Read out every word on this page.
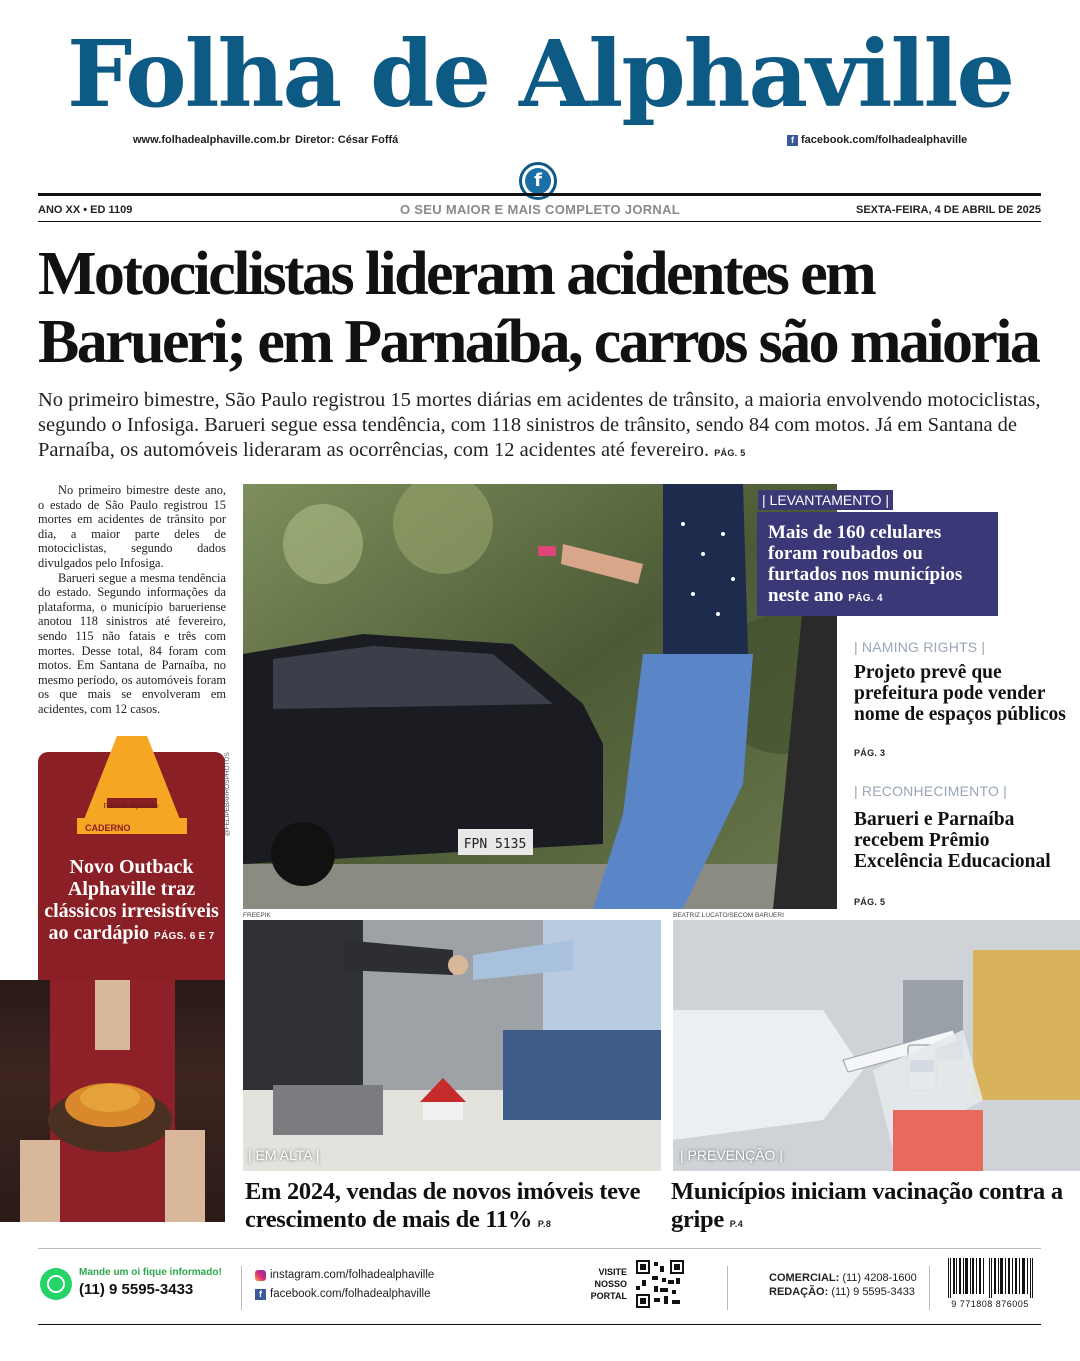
Folha de Alphaville
www.folhadealphaville.com.br Diretor: César Foffá	f facebook.com/folhadealphaville
f
ANO XX • ED 1109	O SEU MAIOR E MAIS COMPLETO JORNAL	SEXTA-FEIRA, 4 DE ABRIL DE 2025
Motociclistas lideram acidentes em Barueri; em Parnaíba, carros são maioria
No primeiro bimestre, São Paulo registrou 15 mortes diárias em acidentes de trânsito, a maioria envolvendo motociclistas, segundo o Infosiga. Barueri segue essa tendência, com 118 sinistros de trânsito, sendo 84 com motos. Já em Santana de Parnaíba, os automóveis lideraram as ocorrências, com 12 acidentes até fevereiro. PÁG. 5

No primeiro bimestre deste ano, o estado de São Paulo registrou 15 mortes em acidentes de trânsito por dia, a maior parte deles de motociclistas, segundo dados divulgados pelo Infosiga.

Barueri segue a mesma tendência do estado. Segundo informações da plataforma, o município barueriense anotou 118 sinistros até fevereiro, sendo 115 não fatais e três com mortes. Desse total, 84 foram com motos. Em Santana de Parnaíba, no mesmo período, os automóveis foram os que mais se envolveram em acidentes, com 12 casos.

Folha de Alphaville
CADERNO
Novo Outback Alphaville traz clássicos irresistíveis ao cardápio PÁGS. 6 E 7
FPN 5135
@FELIPEBARROSPHOTOS
| LEVANTAMENTO |
Mais de 160 celulares foram roubados ou furtados nos municípios neste ano PÁG. 4
| NAMING RIGHTS |
Projeto prevê que prefeitura pode vender nome de espaços públicos
PÁG. 3
| RECONHECIMENTO |
Barueri e Parnaíba recebem Prêmio Excelência Educacional
PÁG. 5
FREEPIK	BEATRIZ LUCATO/SECOM BARUERI
| EM ALTA |	| PREVENÇÃO |
Em 2024, vendas de novos imóveis teve crescimento de mais de 11% P.8
Municípios iniciam vacinação contra a gripe P.4
Mande um oi fique informado!
(11) 9 5595-3433
instagram.com/folhadealphaville
f facebook.com/folhadealphaville
VISITE
NOSSO
PORTAL
COMERCIAL: (11) 4208-1600
REDAÇÃO: (11) 9 5595-3433
9 771808 876005
